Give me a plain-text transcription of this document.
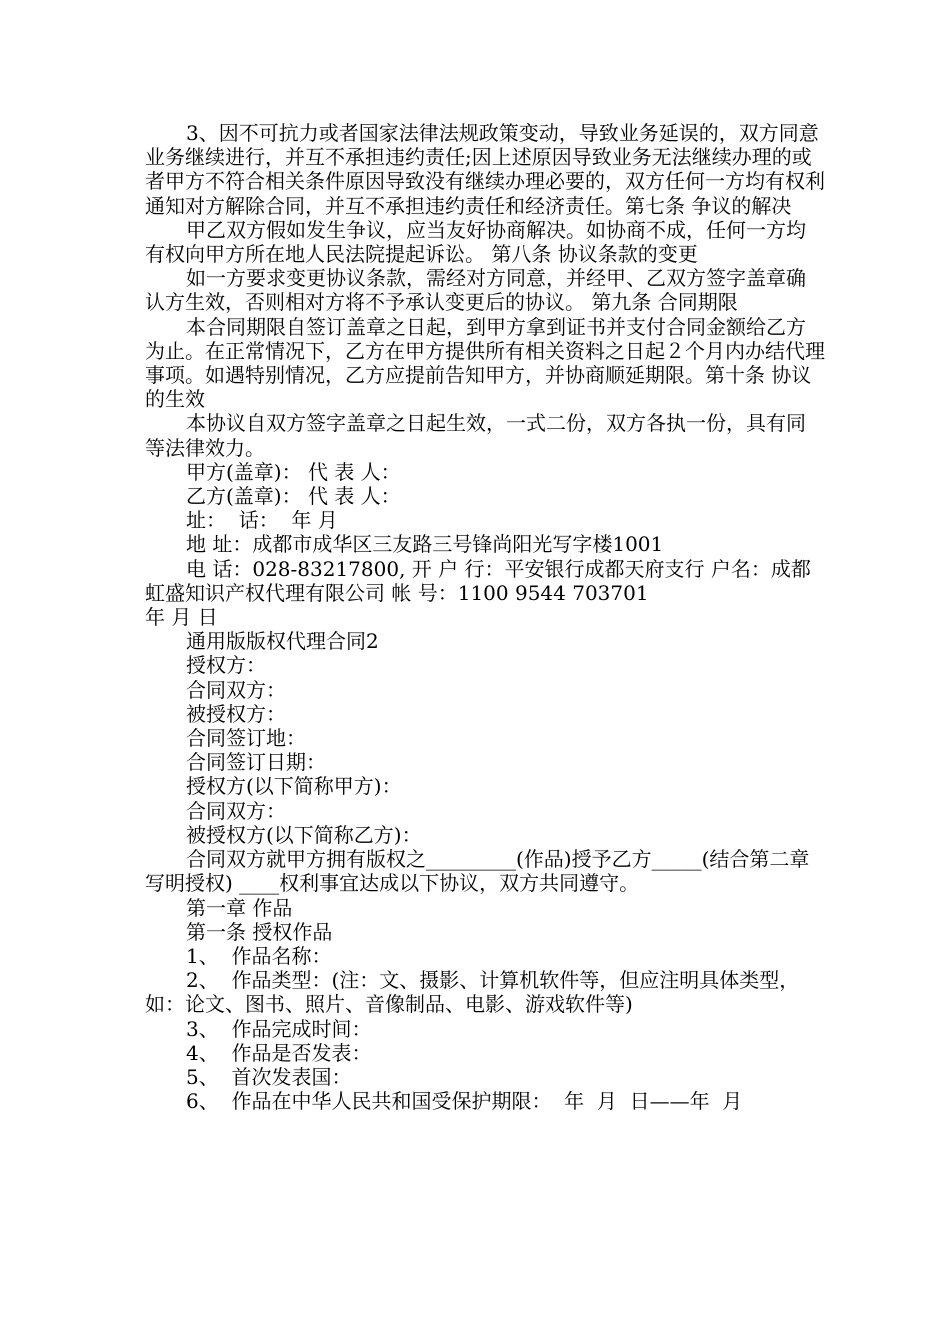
3、因不可抗力或者国家法律法规政策变动，导致业务延误的，双方同意业务继续进行，并互不承担违约责任;因上述原因导致业务无法继续办理的或者甲方不符合相关条件原因导致没有继续办理必要的，双方任何一方均有权利通知对方解除合同，并互不承担违约责任和经济责任。第七条 争议的解决

甲乙双方假如发生争议，应当友好协商解决。如协商不成，任何一方均有权向甲方所在地人民法院提起诉讼。 第八条 协议条款的变更

如一方要求变更协议条款，需经对方同意，并经甲、乙双方签字盖章确认方生效，否则相对方将不予承认变更后的协议。 第九条 合同期限

本合同期限自签订盖章之日起，到甲方拿到证书并支付合同金额给乙方为止。在正常情况下，乙方在甲方提供所有相关资料之日起２个月内办结代理事项。如遇特别情况，乙方应提前告知甲方，并协商顺延期限。第十条 协议的生效

本协议自双方签字盖章之日起生效，一式二份，双方各执一份，具有同等法律效力。

甲方(盖章)： 代 表 人：

乙方(盖章)： 代 表 人：

址：  话：  年 月

地 址：成都市成华区三友路三号锋尚阳光写字楼1001

电 话：028-83217800, 开 户 行：平安银行成都天府支行 户名：成都虹盛知识产权代理有限公司 帐 号：1100 9544 703701

年 月 日

通用版版权代理合同2

授权方：

合同双方：

被授权方：

合同签订地：

合同签订日期：

授权方(以下简称甲方)：

合同双方：

被授权方(以下简称乙方)：

合同双方就甲方拥有版权之_________(作品)授予乙方_____(结合第二章写明授权) ____权利事宜达成以下协议，双方共同遵守。

第一章 作品

第一条 授权作品

1、  作品名称：

2、  作品类型：(注：文、摄影、计算机软件等，但应注明具体类型，如：论文、图书、照片、音像制品、电影、游戏软件等)

3、  作品完成时间：

4、  作品是否发表：

5、  首次发表国：

6、  作品在中华人民共和国受保护期限：  年  月  日——年  月
